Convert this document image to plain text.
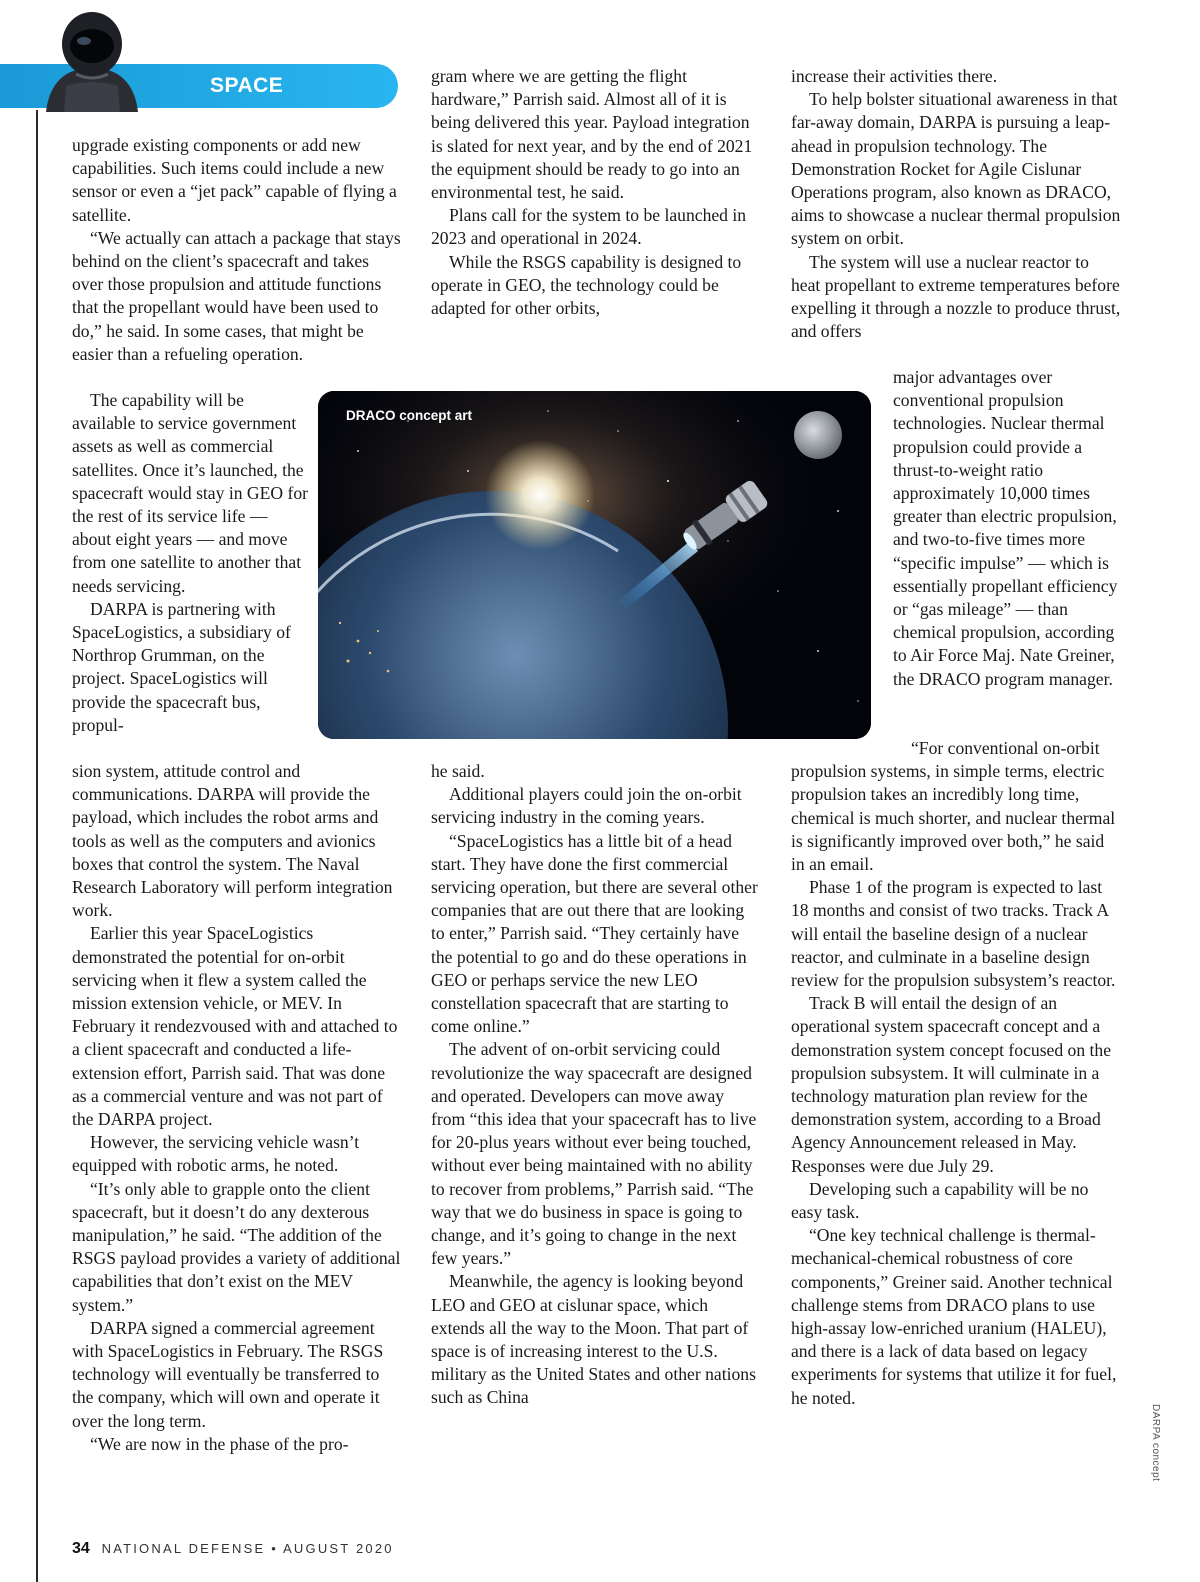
SPACE

upgrade existing components or add new capabilities. Such items could include a new sensor or even a “jet pack” capable of flying a satellite.

“We actually can attach a package that stays behind on the client’s spacecraft and takes over those propulsion and attitude functions that the propellant would have been used to do,” he said. In some cases, that might be easier than a refueling operation.

The capability will be available to service government assets as well as commercial satellites. Once it’s launched, the spacecraft would stay in GEO for the rest of its service life — about eight years — and move from one satellite to another that needs servicing.

DARPA is partnering with SpaceLogistics, a subsidiary of Northrop Grumman, on the project. SpaceLogistics will provide the spacecraft bus, propul-

sion system, attitude control and communications. DARPA will provide the payload, which includes the robot arms and tools as well as the computers and avionics boxes that control the system. The Naval Research Laboratory will perform integration work.

Earlier this year SpaceLogistics demonstrated the potential for on-orbit servicing when it flew a system called the mission extension vehicle, or MEV. In February it rendezvoused with and attached to a client spacecraft and conducted a life-extension effort, Parrish said. That was done as a commercial venture and was not part of the DARPA project.

However, the servicing vehicle wasn’t equipped with robotic arms, he noted.

“It’s only able to grapple onto the client spacecraft, but it doesn’t do any dexterous manipulation,” he said. “The addition of the RSGS payload provides a variety of additional capabilities that don’t exist on the MEV system.”

DARPA signed a commercial agreement with SpaceLogistics in February. The RSGS technology will eventually be transferred to the company, which will own and operate it over the long term.

“We are now in the phase of the pro-

gram where we are getting the flight hardware,” Parrish said. Almost all of it is being delivered this year. Payload integration is slated for next year, and by the end of 2021 the equipment should be ready to go into an environmental test, he said.

Plans call for the system to be launched in 2023 and operational in 2024.

While the RSGS capability is designed to operate in GEO, the technology could be adapted for other orbits,

he said.

Additional players could join the on-orbit servicing industry in the coming years.

“SpaceLogistics has a little bit of a head start. They have done the first commercial servicing operation, but there are several other companies that are out there that are looking to enter,” Parrish said. “They certainly have the potential to go and do these operations in GEO or perhaps service the new LEO constellation spacecraft that are starting to come online.”

The advent of on-orbit servicing could revolutionize the way spacecraft are designed and operated. Developers can move away from “this idea that your spacecraft has to live for 20-plus years without ever being touched, without ever being maintained with no ability to recover from problems,” Parrish said. “The way that we do business in space is going to change, and it’s going to change in the next few years.”

Meanwhile, the agency is looking beyond LEO and GEO at cislunar space, which extends all the way to the Moon. That part of space is of increasing interest to the U.S. military as the United States and other nations such as China

increase their activities there.

To help bolster situational awareness in that far-away domain, DARPA is pursuing a leap-ahead in propulsion technology. The Demonstration Rocket for Agile Cislunar Operations program, also known as DRACO, aims to showcase a nuclear thermal propulsion system on orbit.

The system will use a nuclear reactor to heat propellant to extreme temperatures before expelling it through a nozzle to produce thrust, and offers

major advantages over conventional propulsion technologies. Nuclear thermal propulsion could provide a thrust-to-weight ratio approximately 10,000 times greater than electric propulsion, and two-to-five times more “specific impulse” — which is essentially propellant efficiency or “gas mileage” — than chemical propulsion, according to Air Force Maj. Nate Greiner, the DRACO program manager.

“For conventional on-orbit propulsion systems, in simple terms, electric propulsion takes an incredibly long time, chemical is much shorter, and nuclear thermal is significantly improved over both,” he said in an email.

Phase 1 of the program is expected to last 18 months and consist of two tracks. Track A will entail the baseline design of a nuclear reactor, and culminate in a baseline design review for the propulsion subsystem’s reactor.

Track B will entail the design of an operational system spacecraft concept and a demonstration system concept focused on the propulsion subsystem. It will culminate in a technology maturation plan review for the demonstration system, according to a Broad Agency Announcement released in May. Responses were due July 29.

Developing such a capability will be no easy task.

“One key technical challenge is thermal-mechanical-chemical robustness of core components,” Greiner said. Another technical challenge stems from DRACO plans to use high-assay low-enriched uranium (HALEU), and there is a lack of data based on legacy experiments for systems that utilize it for fuel, he noted.

DRACO concept art
DARPA concept
34 NATIONAL DEFENSE • AUGUST 2020
